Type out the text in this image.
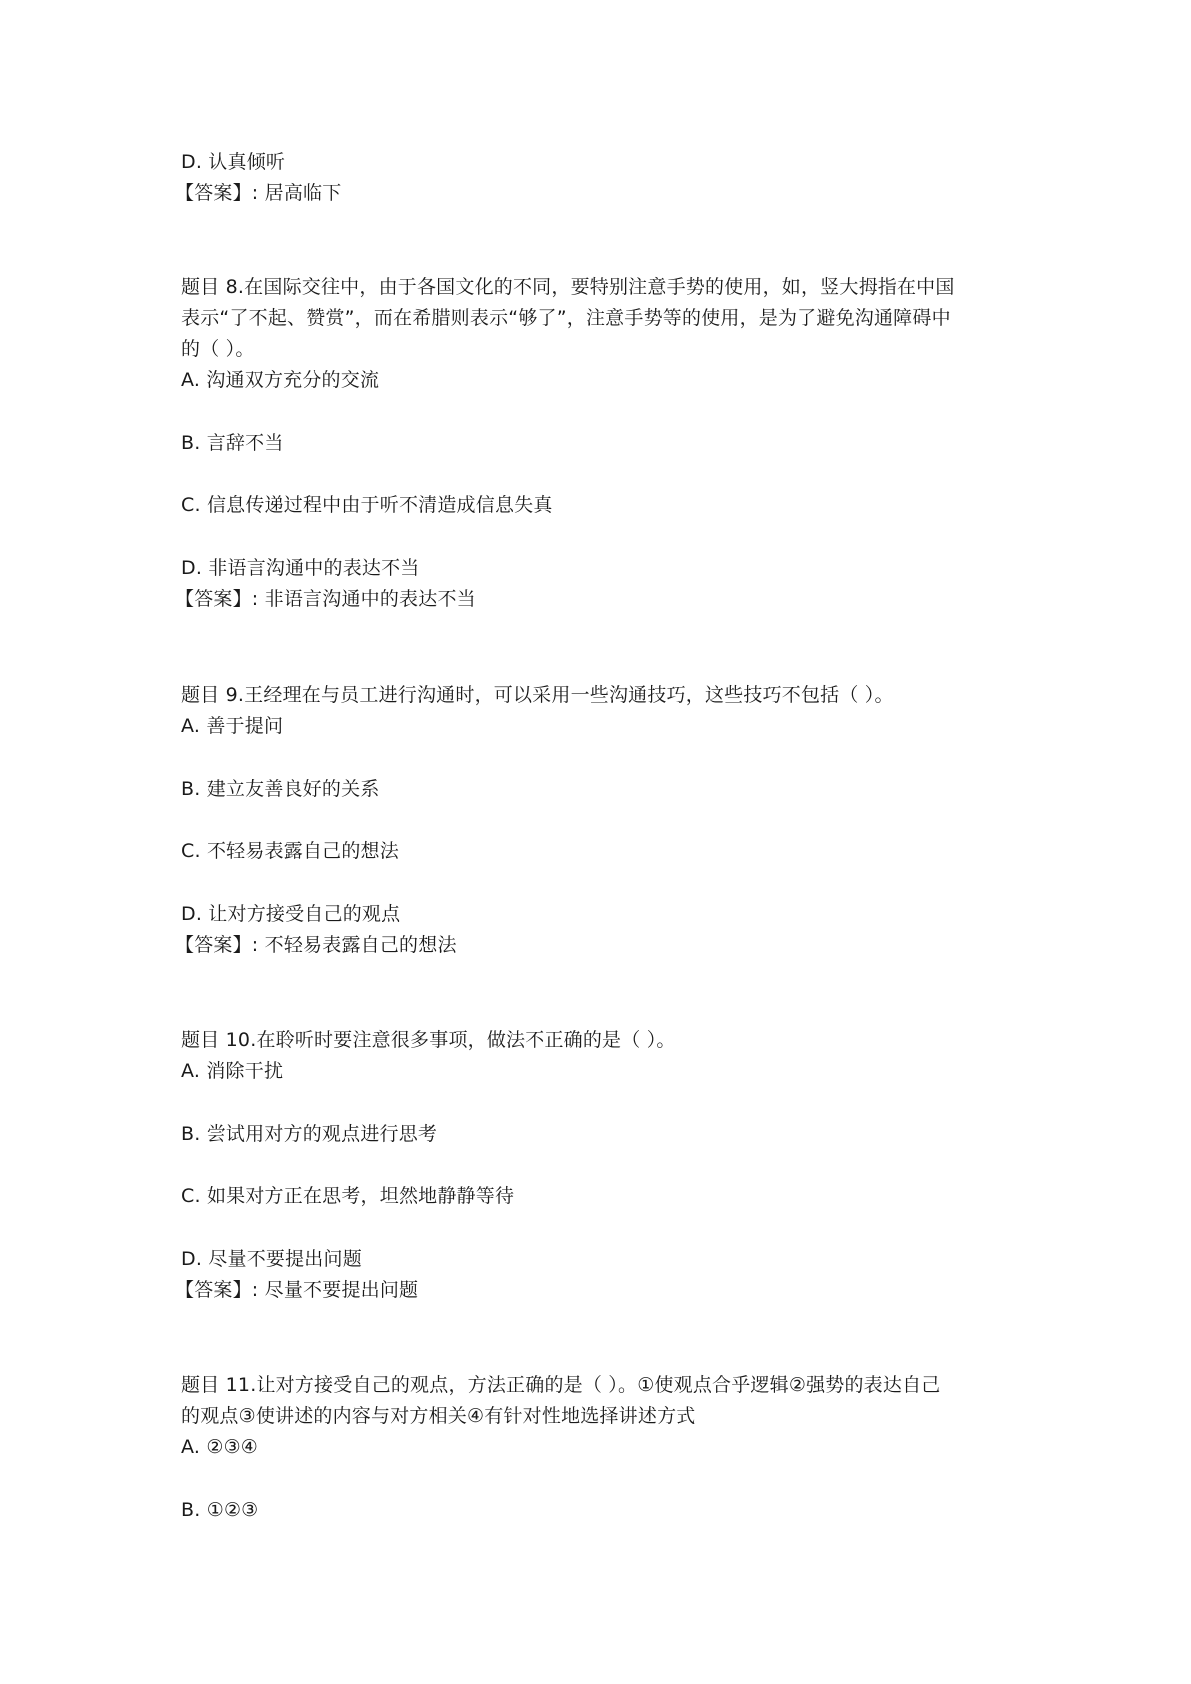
D. 认真倾听
【答案】: 居高临下
题目 8.在国际交往中，由于各国文化的不同，要特别注意手势的使用，如，竖大拇指在中国
表示“了不起、赞赏”，而在希腊则表示“够了”，注意手势等的使用，是为了避免沟通障碍中
的（ ）。
A. 沟通双方充分的交流
B. 言辞不当
C. 信息传递过程中由于听不清造成信息失真
D. 非语言沟通中的表达不当
【答案】: 非语言沟通中的表达不当
题目 9.王经理在与员工进行沟通时，可以采用一些沟通技巧，这些技巧不包括（ ）。
A. 善于提问
B. 建立友善良好的关系
C. 不轻易表露自己的想法
D. 让对方接受自己的观点
【答案】: 不轻易表露自己的想法
题目 10.在聆听时要注意很多事项，做法不正确的是（ ）。
A. 消除干扰
B. 尝试用对方的观点进行思考
C. 如果对方正在思考，坦然地静静等待
D. 尽量不要提出问题
【答案】: 尽量不要提出问题
题目 11.让对方接受自己的观点，方法正确的是（ ）。①使观点合乎逻辑②强势的表达自己
的观点③使讲述的内容与对方相关④有针对性地选择讲述方式
A. ②③④
B. ①②③
